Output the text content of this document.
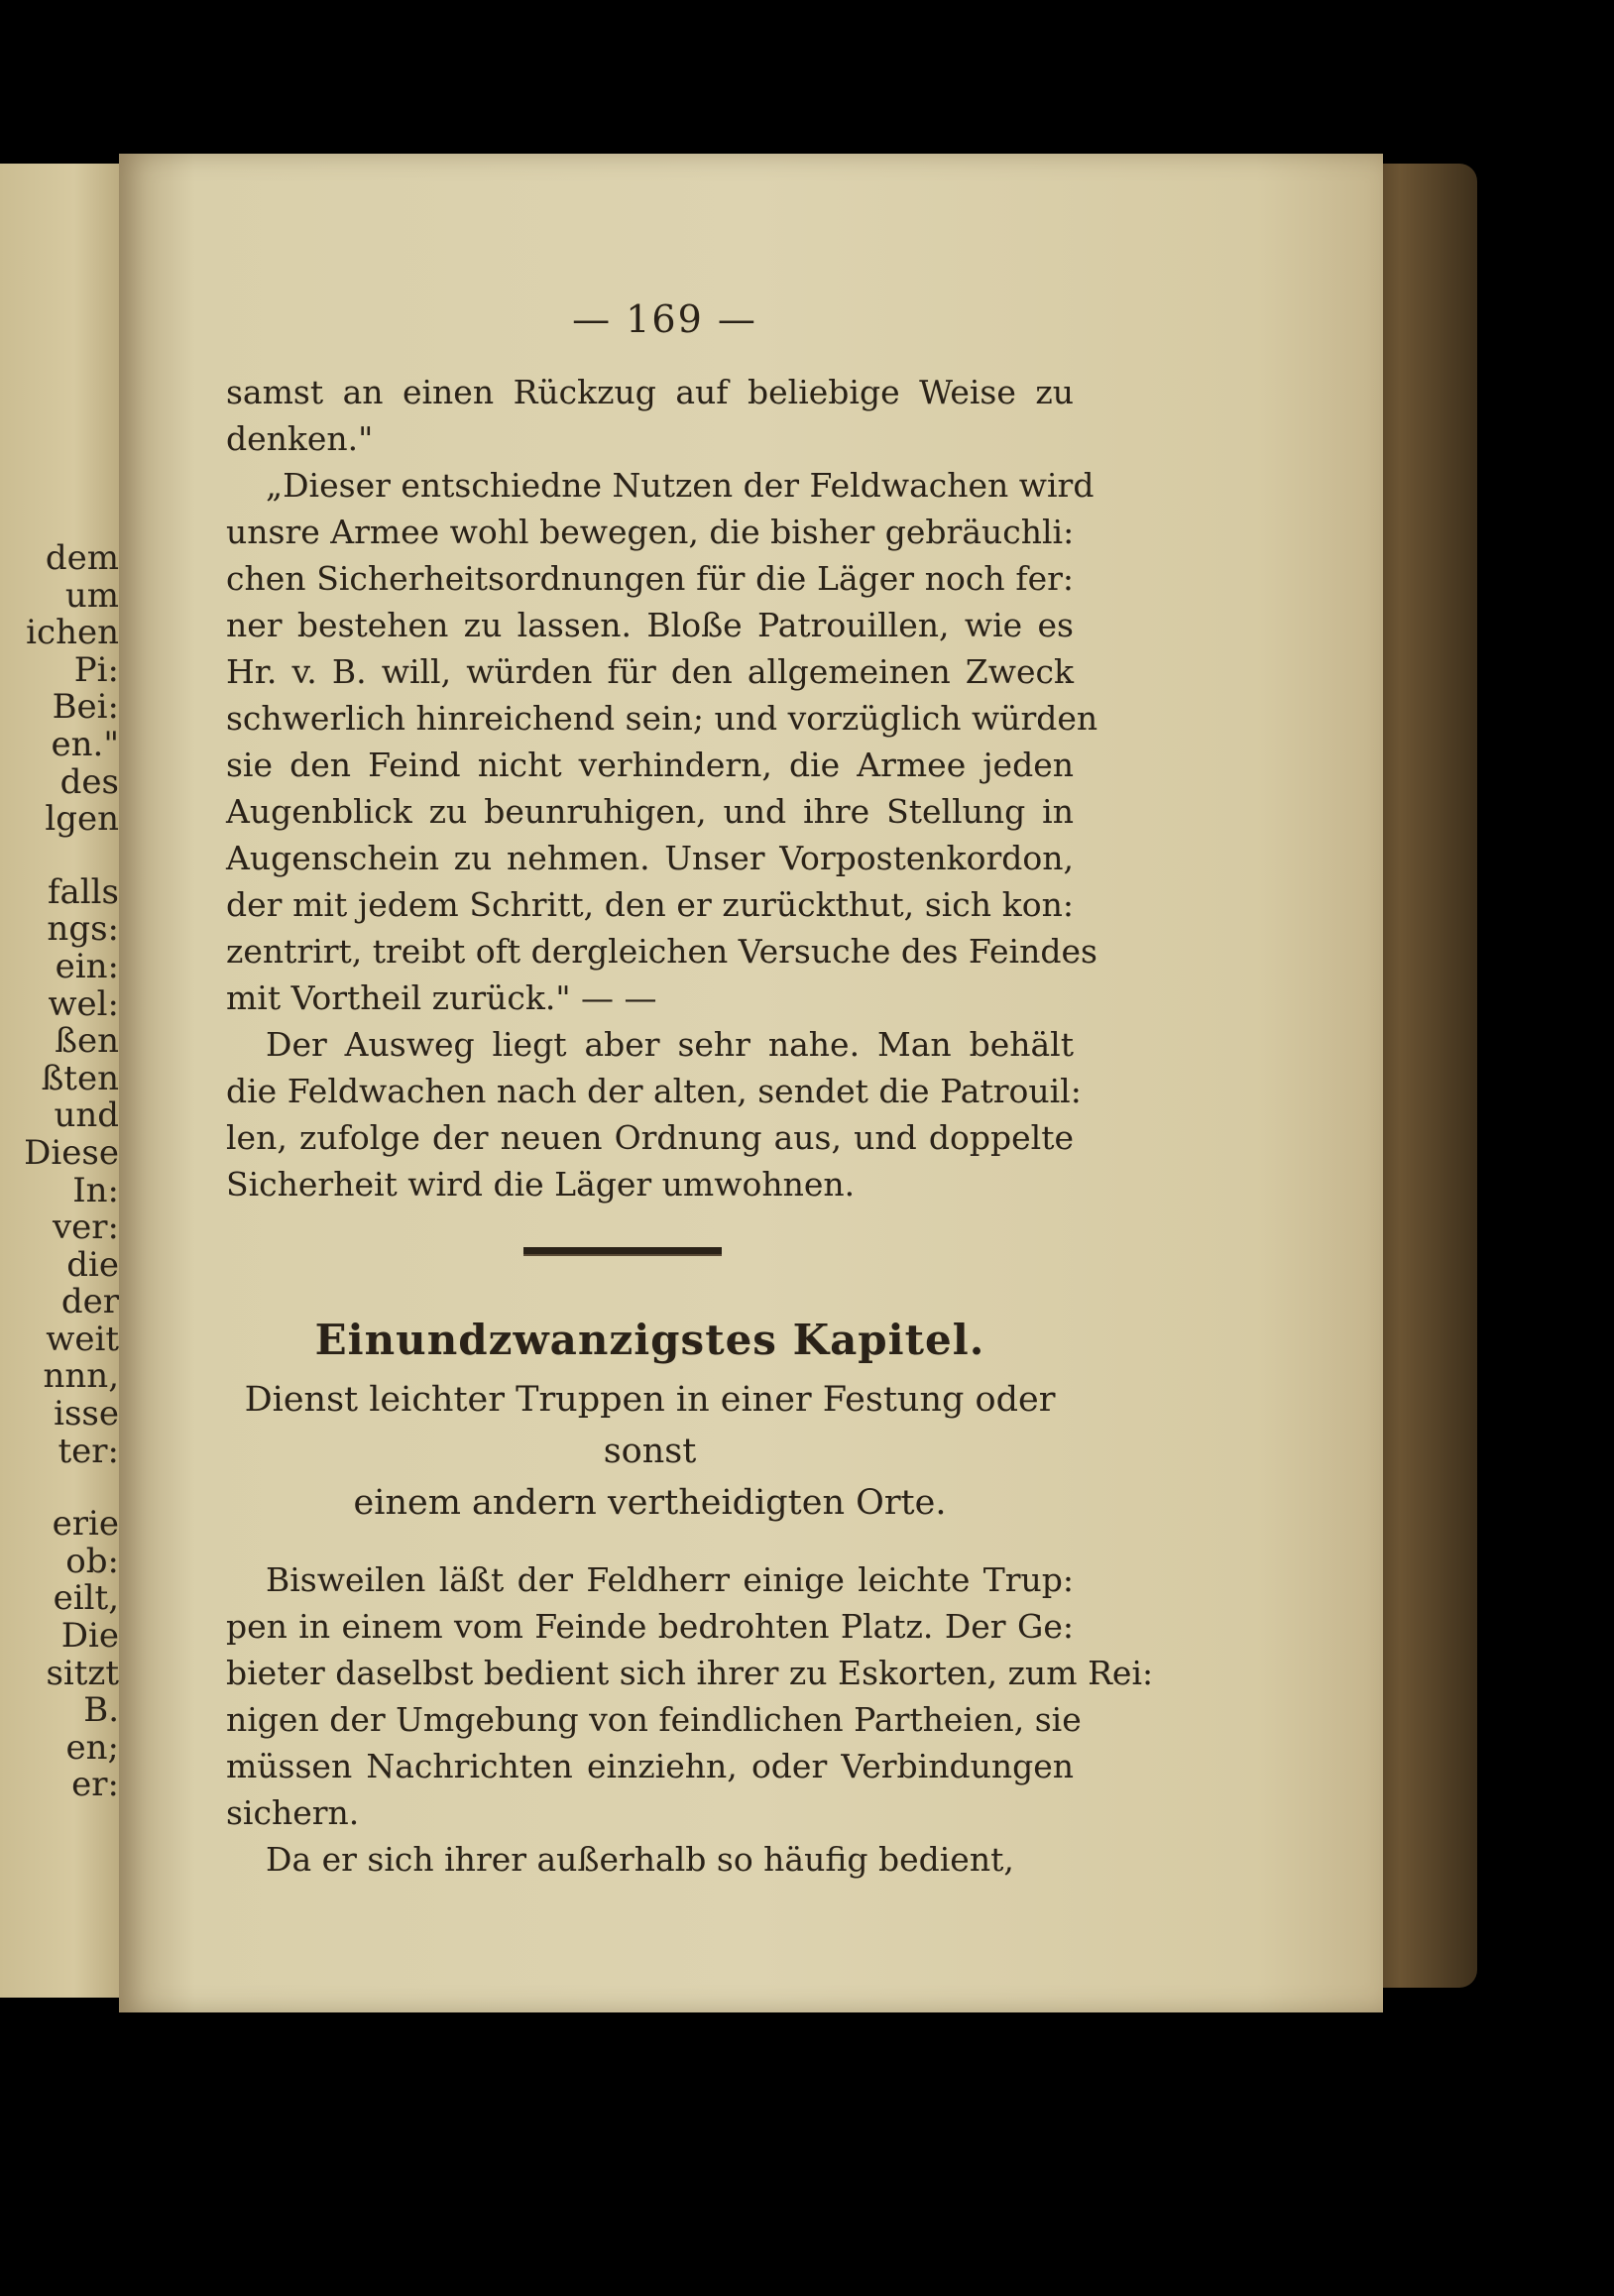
dem
um
ichen
Pi:
Bei:
en."
des
lgen
falls
ngs:
ein:
wel:
ßen
ßten
und
Diese
In:
ver:
die
der
weit
nnn,
isse
ter:
erie
ob:
eilt,
Die
sitzt
B.
en;
er:
— 169 —
samst an einen Rückzug auf beliebige Weise zu
denken."
„Dieser entschiedne Nutzen der Feldwachen wird
unsre Armee wohl bewegen, die bisher gebräuchli:
chen Sicherheitsordnungen für die Läger noch fer:
ner bestehen zu lassen. Bloße Patrouillen, wie es
Hr. v. B. will, würden für den allgemeinen Zweck
schwerlich hinreichend sein; und vorzüglich würden
sie den Feind nicht verhindern, die Armee jeden
Augenblick zu beunruhigen, und ihre Stellung in
Augenschein zu nehmen. Unser Vorpostenkordon,
der mit jedem Schritt, den er zurückthut, sich kon:
zentrirt, treibt oft dergleichen Versuche des Feindes
mit Vortheil zurück." — —
Der Ausweg liegt aber sehr nahe. Man behält
die Feldwachen nach der alten, sendet die Patrouil:
len, zufolge der neuen Ordnung aus, und doppelte
Sicherheit wird die Läger umwohnen.
Einundzwanzigstes Kapitel.
Dienst leichter Truppen in einer Festung oder sonst
einem andern vertheidigten Orte.
Bisweilen läßt der Feldherr einige leichte Trup:
pen in einem vom Feinde bedrohten Platz. Der Ge:
bieter daselbst bedient sich ihrer zu Eskorten, zum Rei:
nigen der Umgebung von feindlichen Partheien, sie
müssen Nachrichten einziehn, oder Verbindungen
sichern.
Da er sich ihrer außerhalb so häufig bedient,
